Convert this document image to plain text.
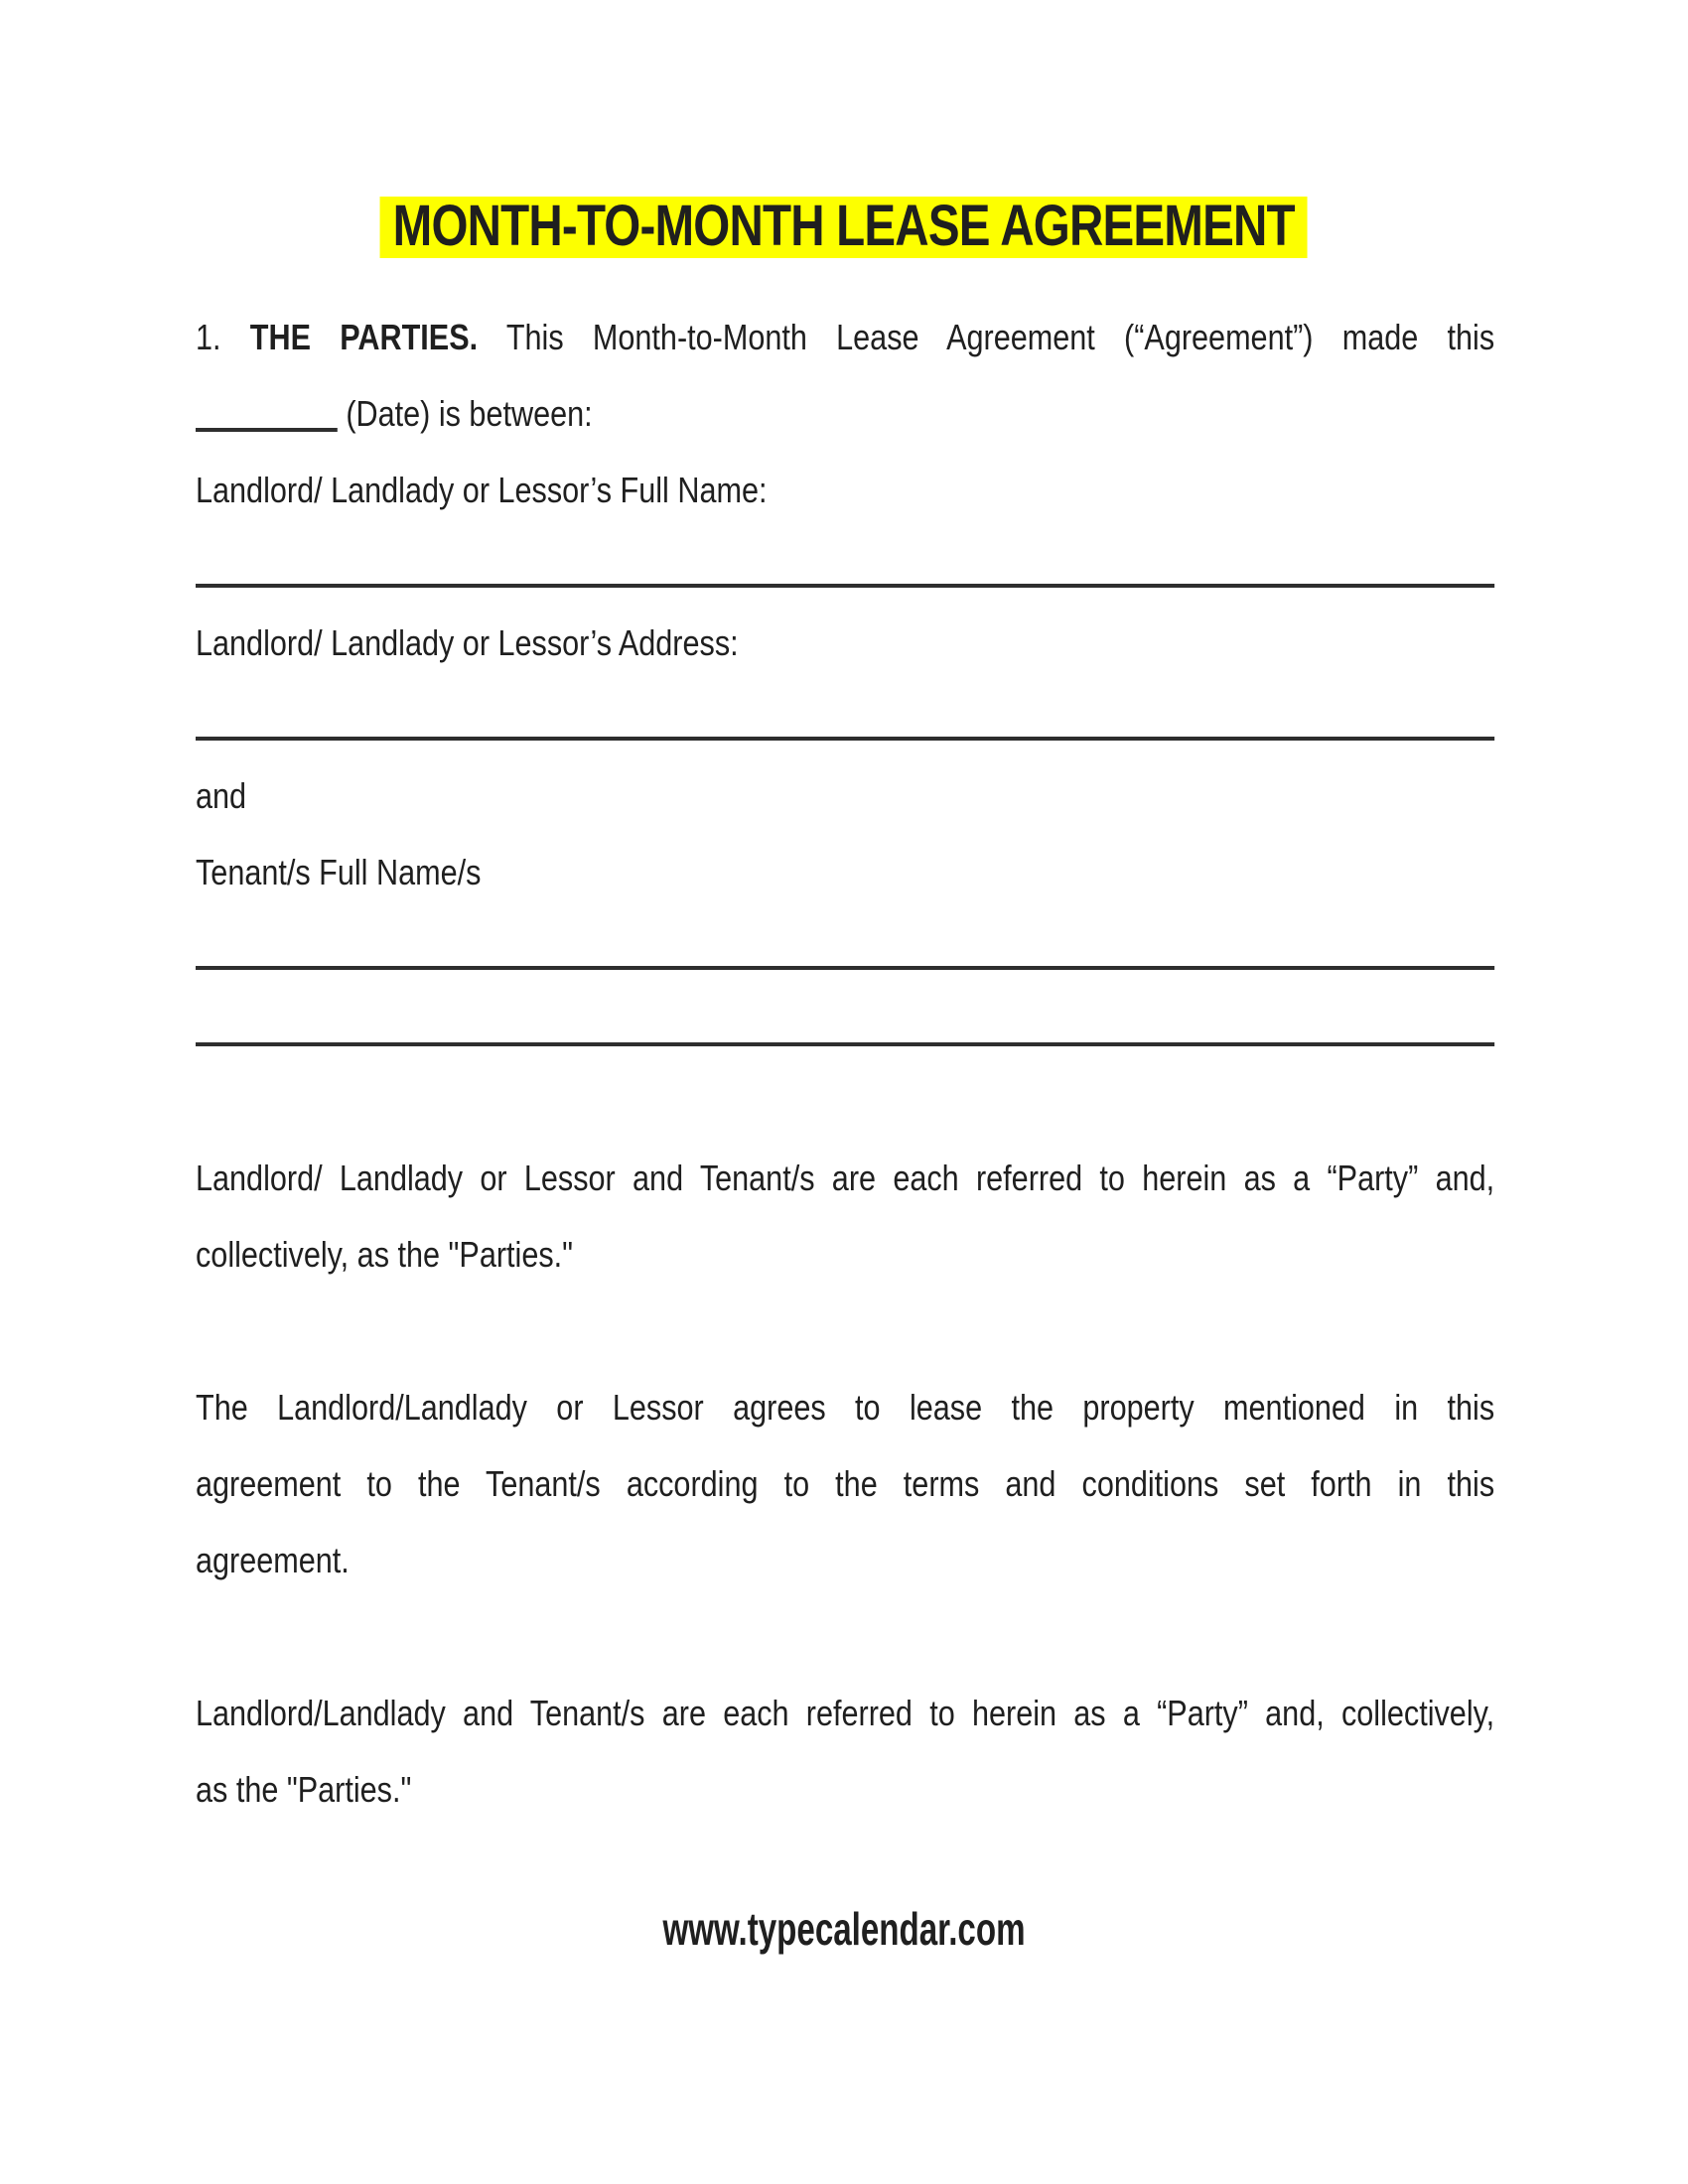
MONTH-TO-MONTH LEASE AGREEMENT
1. THE PARTIES. This Month-to-Month Lease Agreement (“Agreement”) made this
(Date) is between:
Landlord/ Landlady or Lessor’s Full Name:
Landlord/ Landlady or Lessor’s Address:
and
Tenant/s Full Name/s
Landlord/ Landlady or Lessor and Tenant/s are each referred to herein as a “Party” and,
collectively, as the "Parties."
The Landlord/Landlady or Lessor agrees to lease the property mentioned in this
agreement to the Tenant/s according to the terms and conditions set forth in this
agreement.
Landlord/Landlady and Tenant/s are each referred to herein as a “Party” and, collectively,
as the "Parties."
www.typecalendar.com
